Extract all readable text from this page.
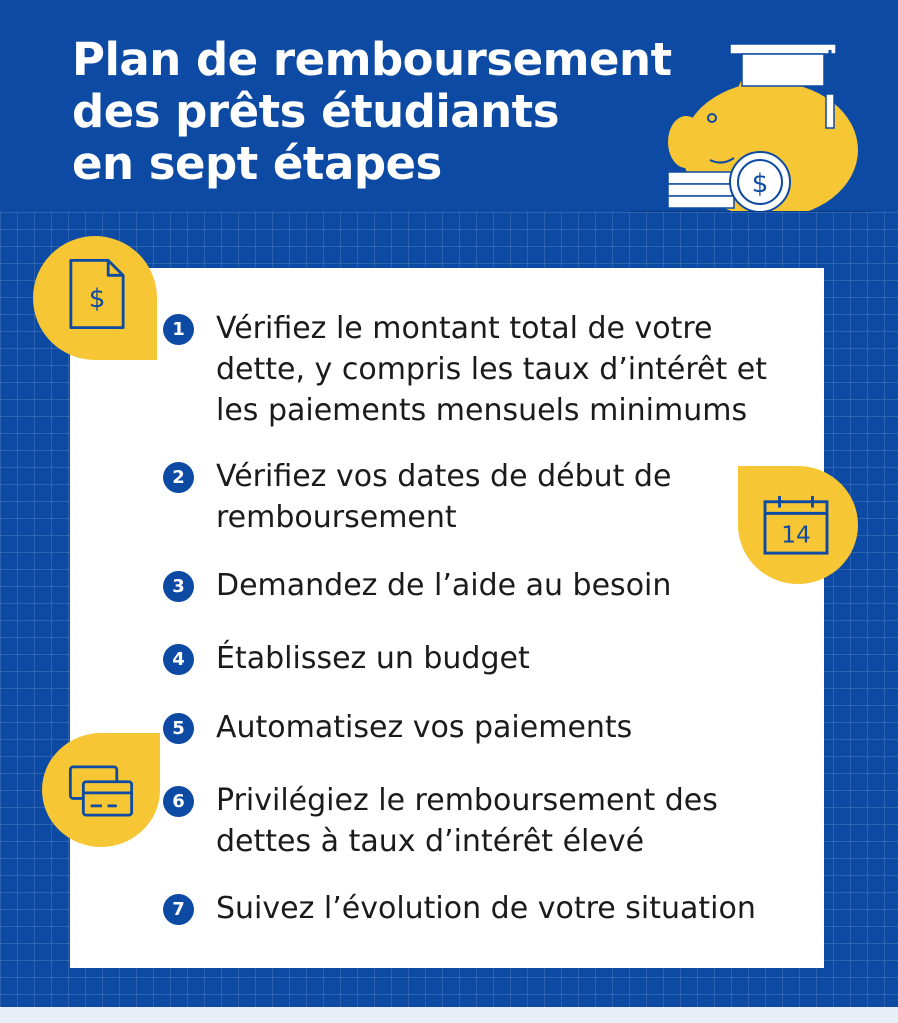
Plan de remboursement
des prêts étudiants
en sept étapes	$
$
14
1	Vérifiez le montant total de votre
dette, y compris les taux d’intérêt et
les paiements mensuels minimums
2	Vérifiez vos dates de début de
remboursement
3	Demandez de l’aide au besoin
4	Établissez un budget
5	Automatisez vos paiements
6	Privilégiez le remboursement des
dettes à taux d’intérêt élevé
7	Suivez l’évolution de votre situation
